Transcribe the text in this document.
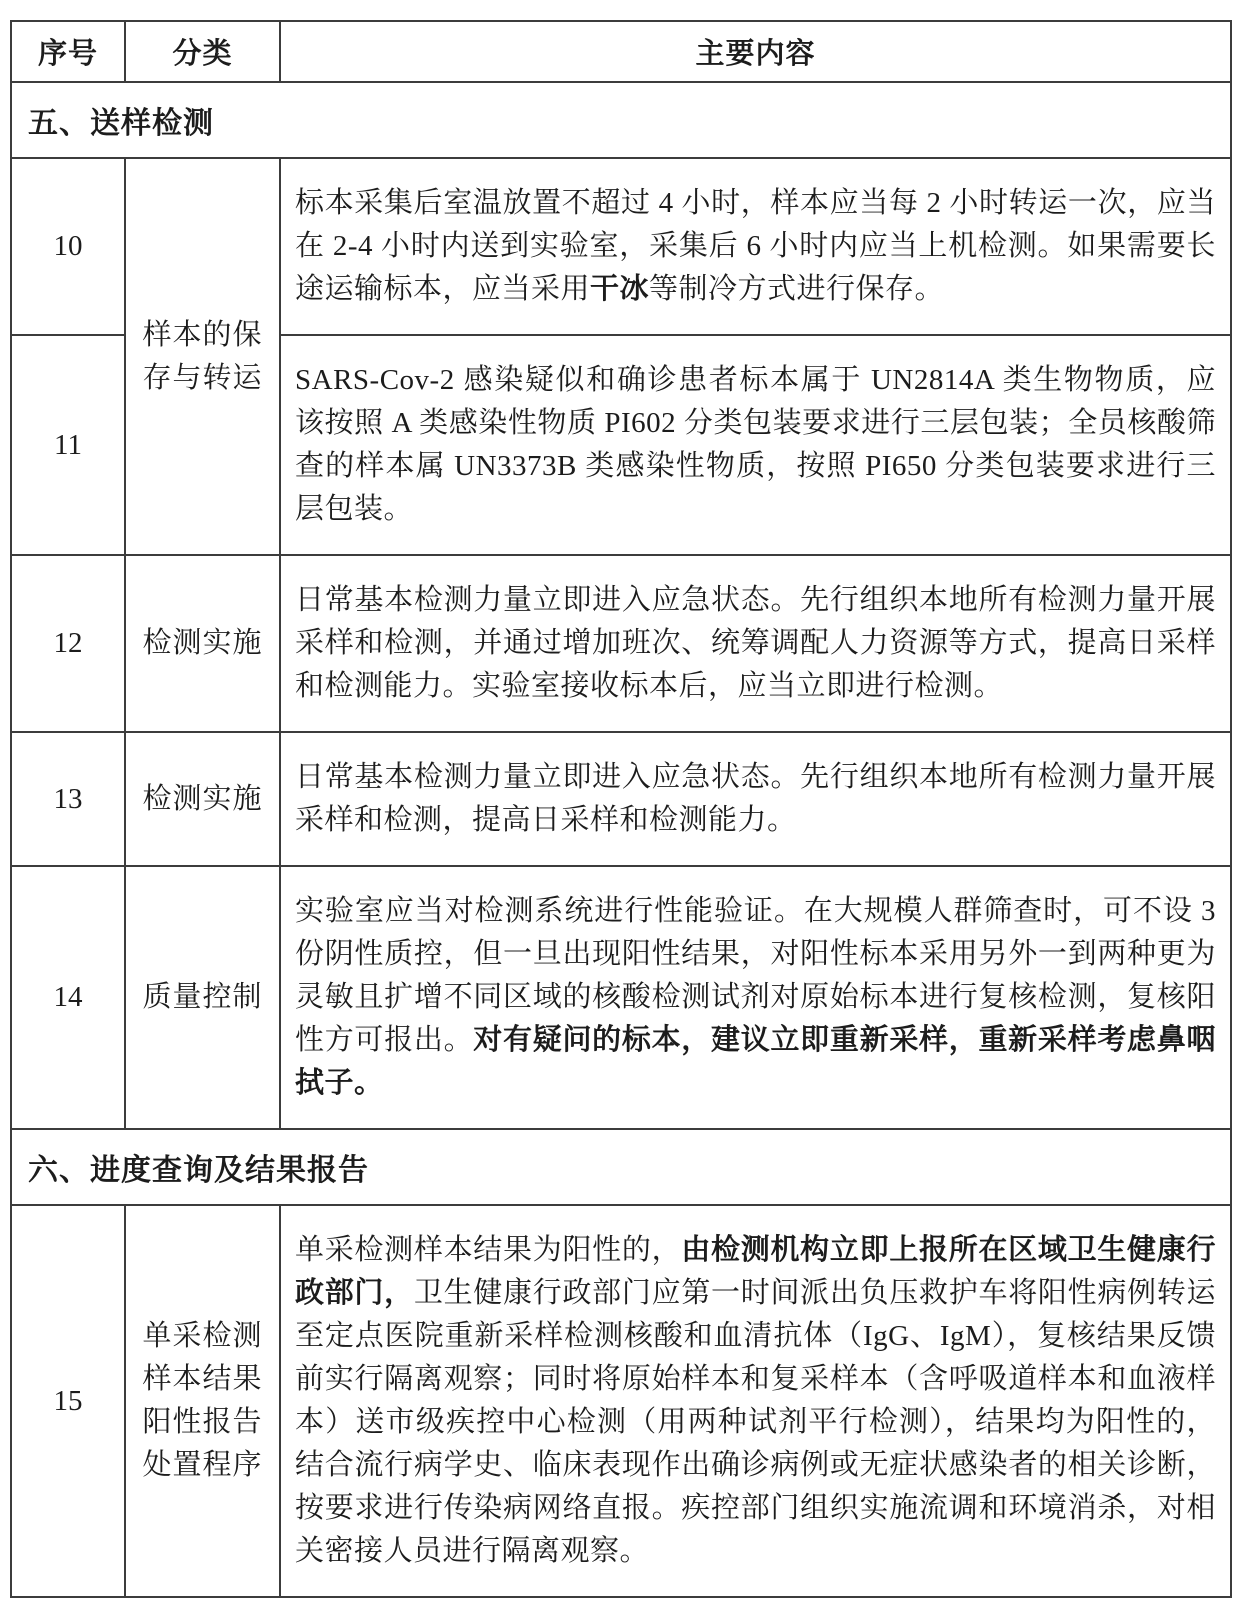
序号	分类	主要内容
五、送样检测		
10	样本的保存与转运	标本采集后室温放置不超过 4 小时，样本应当每 2 小时转运一次，应当在 2-4 小时内送到实验室，采集后 6 小时内应当上机检测。如果需要长途运输标本，应当采用干冰等制冷方式进行保存。
11		SARS-Cov-2 感染疑似和确诊患者标本属于 UN2814A 类生物物质，应该按照 A 类感染性物质 PI602 分类包装要求进行三层包装；全员核酸筛查的样本属 UN3373B 类感染性物质，按照 PI650 分类包装要求进行三层包装。
12	检测实施	日常基本检测力量立即进入应急状态。先行组织本地所有检测力量开展采样和检测，并通过增加班次、统筹调配人力资源等方式，提高日采样和检测能力。实验室接收标本后，应当立即进行检测。
13	检测实施	日常基本检测力量立即进入应急状态。先行组织本地所有检测力量开展采样和检测，提高日采样和检测能力。
14	质量控制	实验室应当对检测系统进行性能验证。在大规模人群筛查时，可不设 3 份阴性质控，但一旦出现阳性结果，对阳性标本采用另外一到两种更为灵敏且扩增不同区域的核酸检测试剂对原始标本进行复核检测，复核阳性方可报出。对有疑问的标本，建议立即重新采样，重新采样考虑鼻咽拭子。
六、进度查询及结果报告		
15	单采检测样本结果阳性报告处置程序	单采检测样本结果为阳性的，由检测机构立即上报所在区域卫生健康行政部门，卫生健康行政部门应第一时间派出负压救护车将阳性病例转运至定点医院重新采样检测核酸和血清抗体（IgG、IgM），复核结果反馈前实行隔离观察；同时将原始样本和复采样本（含呼吸道样本和血液样本）送市级疾控中心检测（用两种试剂平行检测），结果均为阳性的，结合流行病学史、临床表现作出确诊病例或无症状感染者的相关诊断，按要求进行传染病网络直报。疾控部门组织实施流调和环境消杀，对相关密接人员进行隔离观察。
